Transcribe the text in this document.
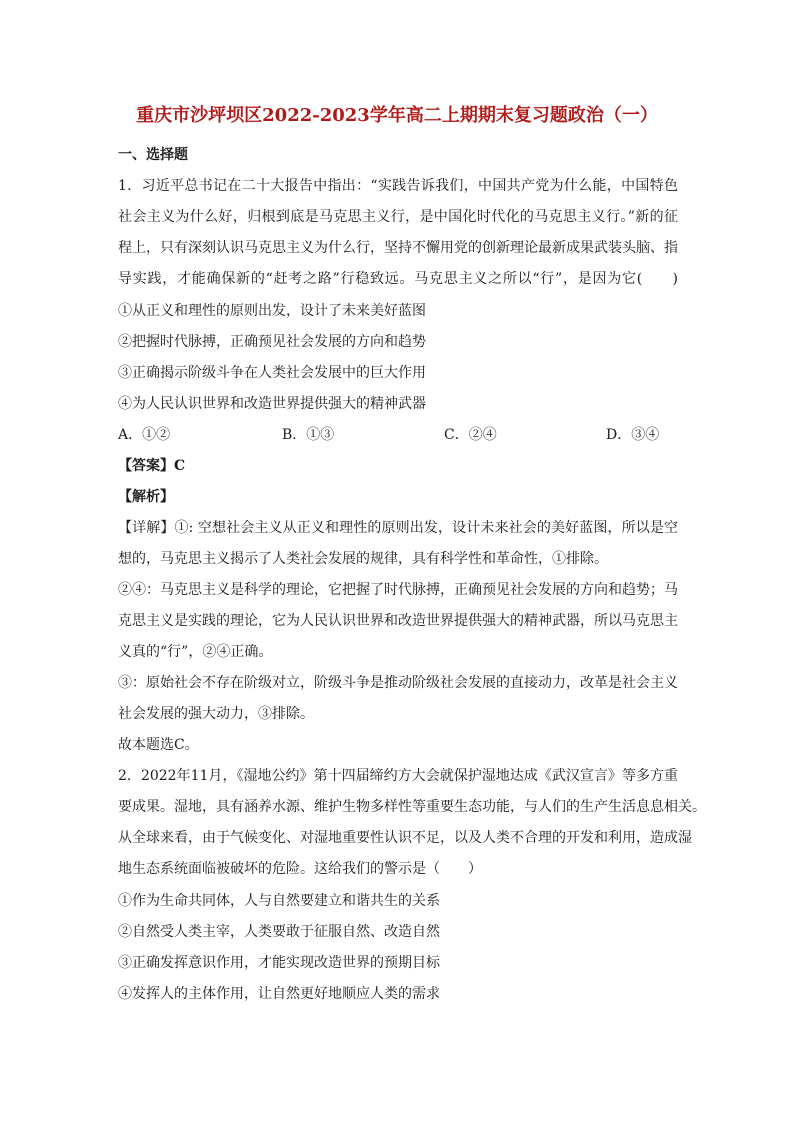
重庆市沙坪坝区2022-2023学年高二上期期末复习题政治（一）
一、选择题
1．习近平总书记在二十大报告中指出：“实践告诉我们，中国共产党为什么能，中国特色
社会主义为什么好，归根到底是马克思主义行，是中国化时代化的马克思主义行。”新的征
程上，只有深刻认识马克思主义为什么行，坚持不懈用党的创新理论最新成果武装头脑、指
导实践，才能确保新的“赶考之路”行稳致远。马克思主义之所以“行”，是因为它(　　)
①从正义和理性的原则出发，设计了未来美好蓝图
②把握时代脉搏，正确预见社会发展的方向和趋势
③正确揭示阶级斗争在人类社会发展中的巨大作用
④为人民认识世界和改造世界提供强大的精神武器
A．①②	B．①③	C．②④	D．③④
【答案】C
【解析】
【详解】①: 空想社会主义从正义和理性的原则出发，设计未来社会的美好蓝图，所以是空
想的，马克思主义揭示了人类社会发展的规律，具有科学性和革命性，①排除。
②④：马克思主义是科学的理论，它把握了时代脉搏，正确预见社会发展的方向和趋势；马
克思主义是实践的理论，它为人民认识世界和改造世界提供强大的精神武器，所以马克思主
义真的“行”，②④正确。
③：原始社会不存在阶级对立，阶级斗争是推动阶级社会发展的直接动力，改革是社会主义
社会发展的强大动力，③排除。
故本题选C。
2．2022年11月，《湿地公约》第十四届缔约方大会就保护湿地达成《武汉宣言》等多方重
要成果。湿地，具有涵养水源、维护生物多样性等重要生态功能，与人们的生产生活息息相关。
从全球来看，由于气候变化、对湿地重要性认识不足，以及人类不合理的开发和利用，造成湿
地生态系统面临被破坏的危险。这给我们的警示是（　　）
①作为生命共同体，人与自然要建立和谐共生的关系
②自然受人类主宰，人类要敢于征服自然、改造自然
③正确发挥意识作用，才能实现改造世界的预期目标
④发挥人的主体作用，让自然更好地顺应人类的需求
